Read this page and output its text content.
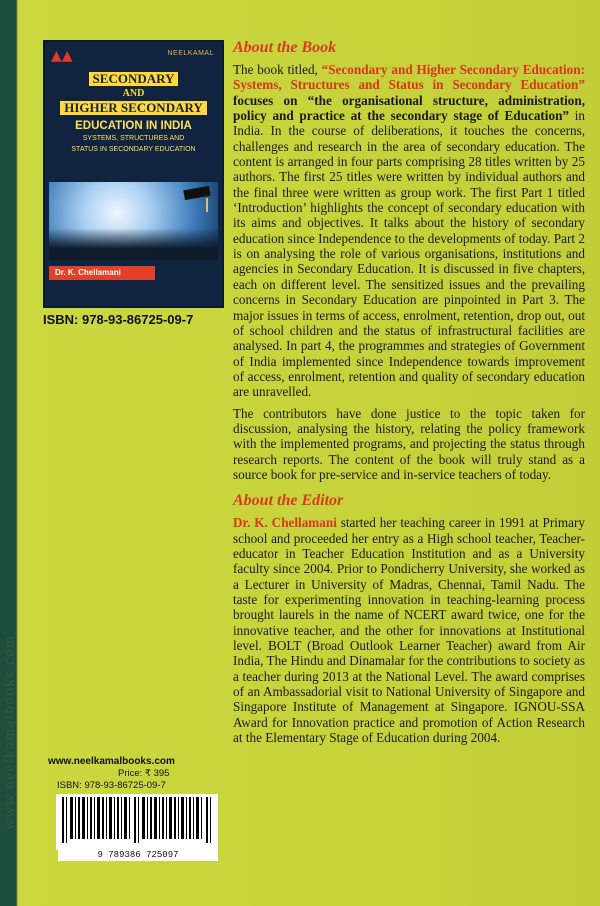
www.neelkamalbooks.com
▲▲	NEELKAMAL
SECONDARY

AND
HIGHER SECONDARY
EDUCATION IN INDIA
SYSTEMS, STRUCTURES AND
STATUS IN SECONDARY EDUCATION
Dr. K. Chellamani
ISBN: 978-93-86725-09-7
About the Book

The book titled, “Secondary and Higher Secondary Education: Systems, Structures and Status in Secondary Education” focuses on “the organisational structure, administration, policy and practice at the secondary stage of Education” in India. In the course of deliberations, it touches the concerns, challenges and research in the area of secondary education. The content is arranged in four parts comprising 28 titles written by 25 authors. The first 25 titles were written by individual authors and the final three were written as group work. The first Part 1 titled ‘Introduction’ highlights the concept of secondary education with its aims and objectives. It talks about the history of secondary education since Independence to the developments of today. Part 2 is on analysing the role of various organisations, institutions and agencies in Secondary Education. It is discussed in five chapters, each on different level. The sensitized issues and the prevailing concerns in Secondary Education are pinpointed in Part 3. The major issues in terms of access, enrolment, retention, drop out, out of school children and the status of infrastructural facilities are analysed. In part 4, the programmes and strategies of Government of India implemented since Independence towards improvement of access, enrolment, retention and quality of secondary education are unravelled.

The contributors have done justice to the topic taken for discussion, analysing the history, relating the policy framework with the implemented programs, and projecting the status through research reports. The content of the book will truly stand as a source book for pre-service and in-service teachers of today.

About the Editor

Dr. K. Chellamani started her teaching career in 1991 at Primary school and proceeded her entry as a High school teacher, Teacher-educator in Teacher Education Institution and as a University faculty since 2004. Prior to Pondicherry University, she worked as a Lecturer in University of Madras, Chennai, Tamil Nadu. The taste for experimenting innovation in teaching-learning process brought laurels in the name of NCERT award twice, one for the innovative teacher, and the other for innovations at Institutional level. BOLT (Broad Outlook Learner Teacher) award from Air India, The Hindu and Dinamalar for the contributions to society as a teacher during 2013 at the National Level. The award comprises of an Ambassadorial visit to National University of Singapore and Singapore Institute of Management at Singapore. IGNOU-SSA Award for Innovation practice and promotion of Action Research at the Elementary Stage of Education during 2004.

www.neelkamalbooks.com
Price: ₹ 395
ISBN: 978-93-86725-09-7
9 789386 725097
